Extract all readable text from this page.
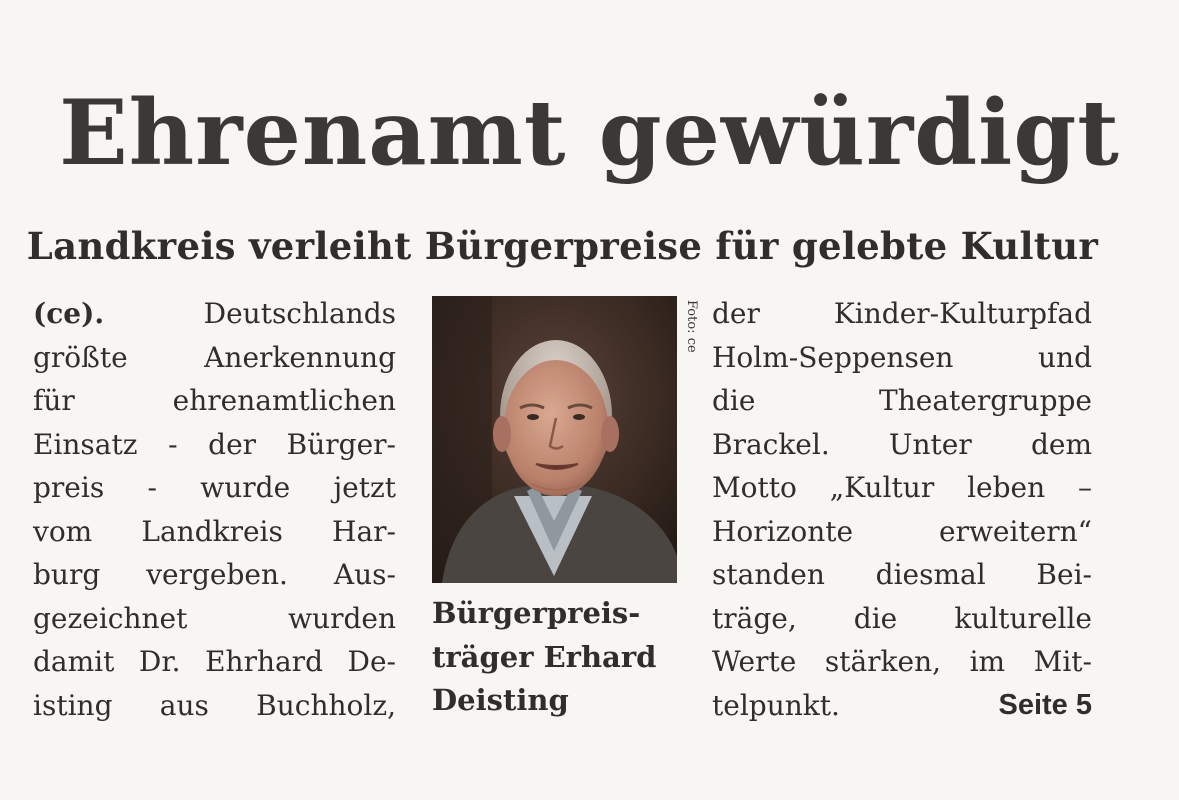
Ehrenamt gewürdigt
Landkreis verleiht Bürgerpreise für gelebte Kultur
(ce). Deutschlands
größte Anerkennung
für ehrenamtlichen
Einsatz - der Bürger-
preis - wurde jetzt
vom Landkreis Har-
burg vergeben. Aus-
gezeichnet wurden
damit Dr. Ehrhard De-
isting aus Buchholz,
Foto: ce
Bürgerpreis-
träger Erhard
Deisting
der Kinder-Kulturpfad
Holm-Seppensen und
die Theatergruppe
Brackel. Unter dem
Motto „Kultur leben –
Horizonte erweitern“
standen diesmal Bei-
träge, die kulturelle
Werte stärken, im Mit-
telpunkt.	Seite 5
